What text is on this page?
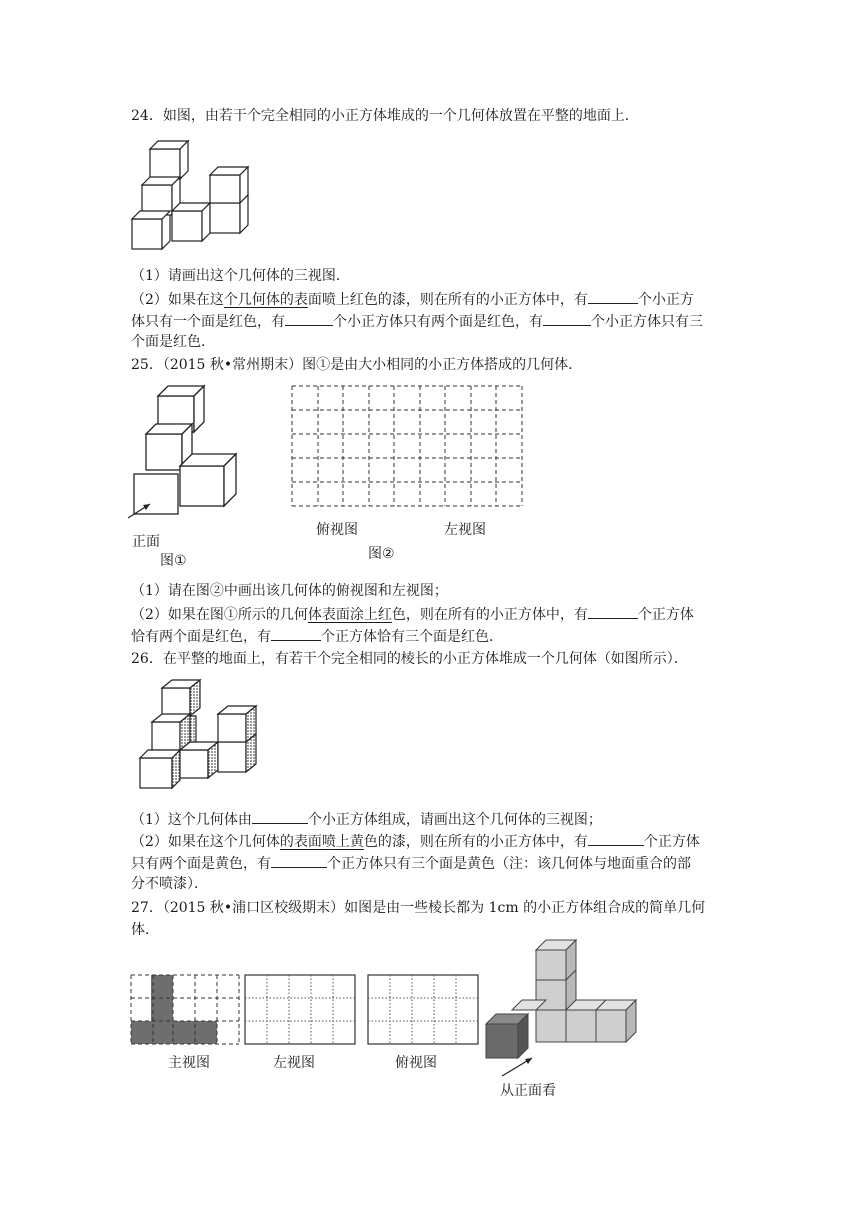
24．如图，由若干个完全相同的小正方体堆成的一个几何体放置在平整的地面上．
（1）请画出这个几何体的三视图．
（2）如果在这个几何体的表面喷上红色的漆，则在所有的小正方体中，有	个小正方
体只有一个面是红色，有	个小正方体只有两个面是红色，有	个小正方体只有三
个面是红色．
25．（2015 秋•常州期末）图①是由大小相同的小正方体搭成的几何体．
正面
图①
俯视图	左视图
图②
（1）请在图②中画出该几何体的俯视图和左视图；
（2）如果在图①所示的几何体表面涂上红色，则在所有的小正方体中，有	个正方体
恰有两个面是红色，有	个正方体恰有三个面是红色．
26．在平整的地面上，有若干个完全相同的棱长的小正方体堆成一个几何体（如图所示）．
（1）这个几何体由	个小正方体组成，请画出这个几何体的三视图；
（2）如果在这个几何体的表面喷上黄色的漆，则在所有的小正方体中，有	个正方体
只有两个面是黄色，有	个正方体只有三个面是黄色（注：该几何体与地面重合的部
分不喷漆）．
27．（2015 秋•浦口区校级期末）如图是由一些棱长都为 1cm 的小正方体组合成的简单几何
体．
主视图	左视图	俯视图
从正面看
